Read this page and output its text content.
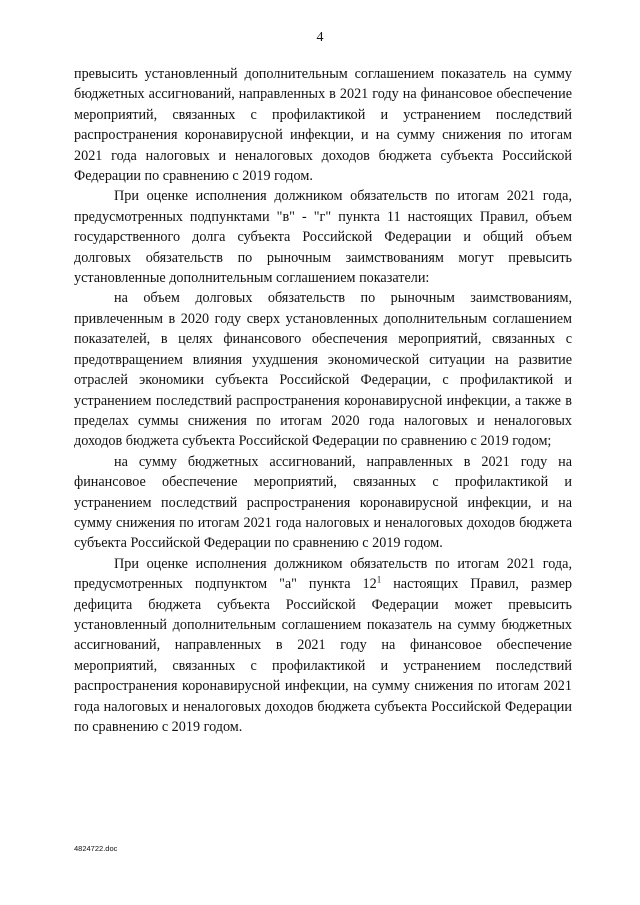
4

превысить установленный дополнительным соглашением показатель на сумму бюджетных ассигнований, направленных в 2021 году на финансовое обеспечение мероприятий, связанных с профилактикой и устранением последствий распространения коронавирусной инфекции, и на сумму снижения по итогам 2021 года налоговых и неналоговых доходов бюджета субъекта Российской Федерации по сравнению с 2019 годом.

При оценке исполнения должником обязательств по итогам 2021 года, предусмотренных подпунктами "в" - "г" пункта 11 настоящих Правил, объем государственного долга субъекта Российской Федерации и общий объем долговых обязательств по рыночным заимствованиям могут превысить установленные дополнительным соглашением показатели:

на объем долговых обязательств по рыночным заимствованиям, привлеченным в 2020 году сверх установленных дополнительным соглашением показателей, в целях финансового обеспечения мероприятий, связанных с предотвращением влияния ухудшения экономической ситуации на развитие отраслей экономики субъекта Российской Федерации, с профилактикой и устранением последствий распространения коронавирусной инфекции, а также в пределах суммы снижения по итогам 2020 года налоговых и неналоговых доходов бюджета субъекта Российской Федерации по сравнению с 2019 годом;

на сумму бюджетных ассигнований, направленных в 2021 году на финансовое обеспечение мероприятий, связанных с профилактикой и устранением последствий распространения коронавирусной инфекции, и на сумму снижения по итогам 2021 года налоговых и неналоговых доходов бюджета субъекта Российской Федерации по сравнению с 2019 годом.

При оценке исполнения должником обязательств по итогам 2021 года, предусмотренных подпунктом "а" пункта $12^1$ настоящих Правил, размер дефицита бюджета субъекта Российской Федерации может превысить установленный дополнительным соглашением показатель на сумму бюджетных ассигнований, направленных в 2021 году на финансовое обеспечение мероприятий, связанных с профилактикой и устранением последствий распространения коронавирусной инфекции, на сумму снижения по итогам 2021 года налоговых и неналоговых доходов бюджета субъекта Российской Федерации по сравнению с 2019 годом.

4824722.doc
